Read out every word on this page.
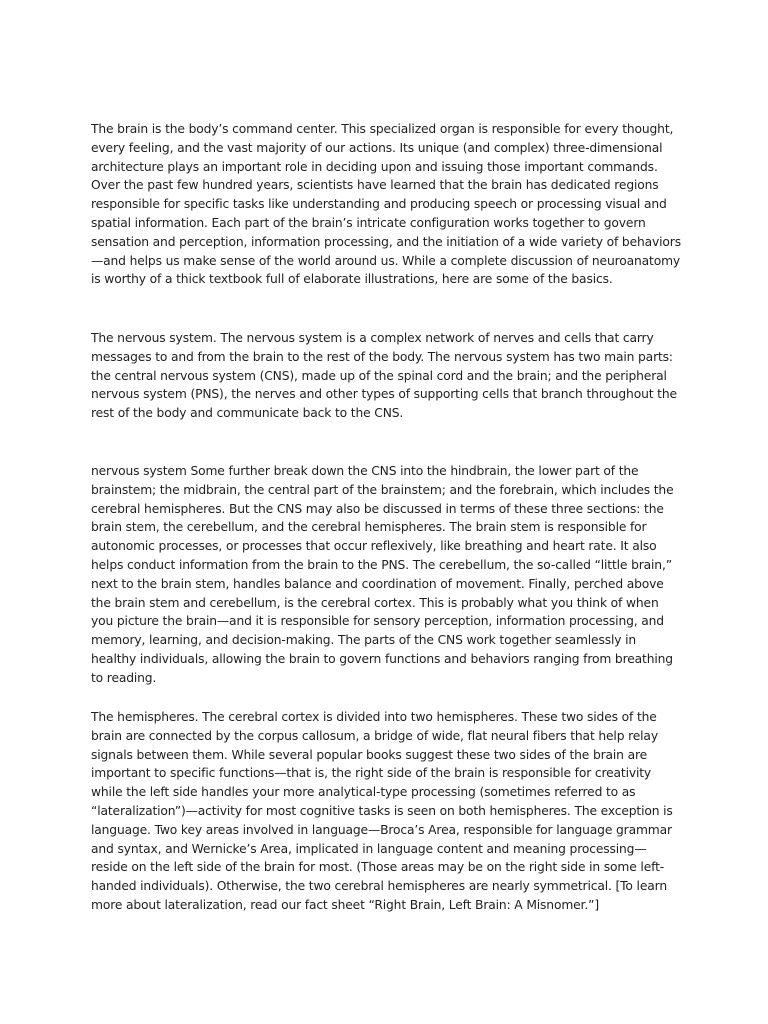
The brain is the body’s command center. This specialized organ is responsible for every thought, every feeling, and the vast majority of our actions. Its unique (and complex) three-dimensional architecture plays an important role in deciding upon and issuing those important commands. Over the past few hundred years, scientists have learned that the brain has dedicated regions responsible for specific tasks like understanding and producing speech or processing visual and spatial information. Each part of the brain’s intricate configuration works together to govern sensation and perception, information processing, and the initiation of a wide variety of behaviors—and helps us make sense of the world around us. While a complete discussion of neuroanatomy is worthy of a thick textbook full of elaborate illustrations, here are some of the basics.

The nervous system. The nervous system is a complex network of nerves and cells that carry messages to and from the brain to the rest of the body. The nervous system has two main parts: the central nervous system (CNS), made up of the spinal cord and the brain; and the peripheral nervous system (PNS), the nerves and other types of supporting cells that branch throughout the rest of the body and communicate back to the CNS.

nervous system Some further break down the CNS into the hindbrain, the lower part of the brainstem; the midbrain, the central part of the brainstem; and the forebrain, which includes the cerebral hemispheres. But the CNS may also be discussed in terms of these three sections: the brain stem, the cerebellum, and the cerebral hemispheres. The brain stem is responsible for autonomic processes, or processes that occur reflexively, like breathing and heart rate. It also helps conduct information from the brain to the PNS. The cerebellum, the so-called “little brain,” next to the brain stem, handles balance and coordination of movement. Finally, perched above the brain stem and cerebellum, is the cerebral cortex. This is probably what you think of when you picture the brain—and it is responsible for sensory perception, information processing, and memory, learning, and decision-making. The parts of the CNS work together seamlessly in healthy individuals, allowing the brain to govern functions and behaviors ranging from breathing to reading.

The hemispheres. The cerebral cortex is divided into two hemispheres. These two sides of the brain are connected by the corpus callosum, a bridge of wide, flat neural fibers that help relay signals between them. While several popular books suggest these two sides of the brain are important to specific functions—that is, the right side of the brain is responsible for creativity while the left side handles your more analytical-type processing (sometimes referred to as “lateralization”)—activity for most cognitive tasks is seen on both hemispheres. The exception is language. Two key areas involved in language—Broca’s Area, responsible for language grammar and syntax, and Wernicke’s Area, implicated in language content and meaning processing—reside on the left side of the brain for most. (Those areas may be on the right side in some left-handed individuals). Otherwise, the two cerebral hemispheres are nearly symmetrical. [To learn more about lateralization, read our fact sheet “Right Brain, Left Brain: A Misnomer.”]
